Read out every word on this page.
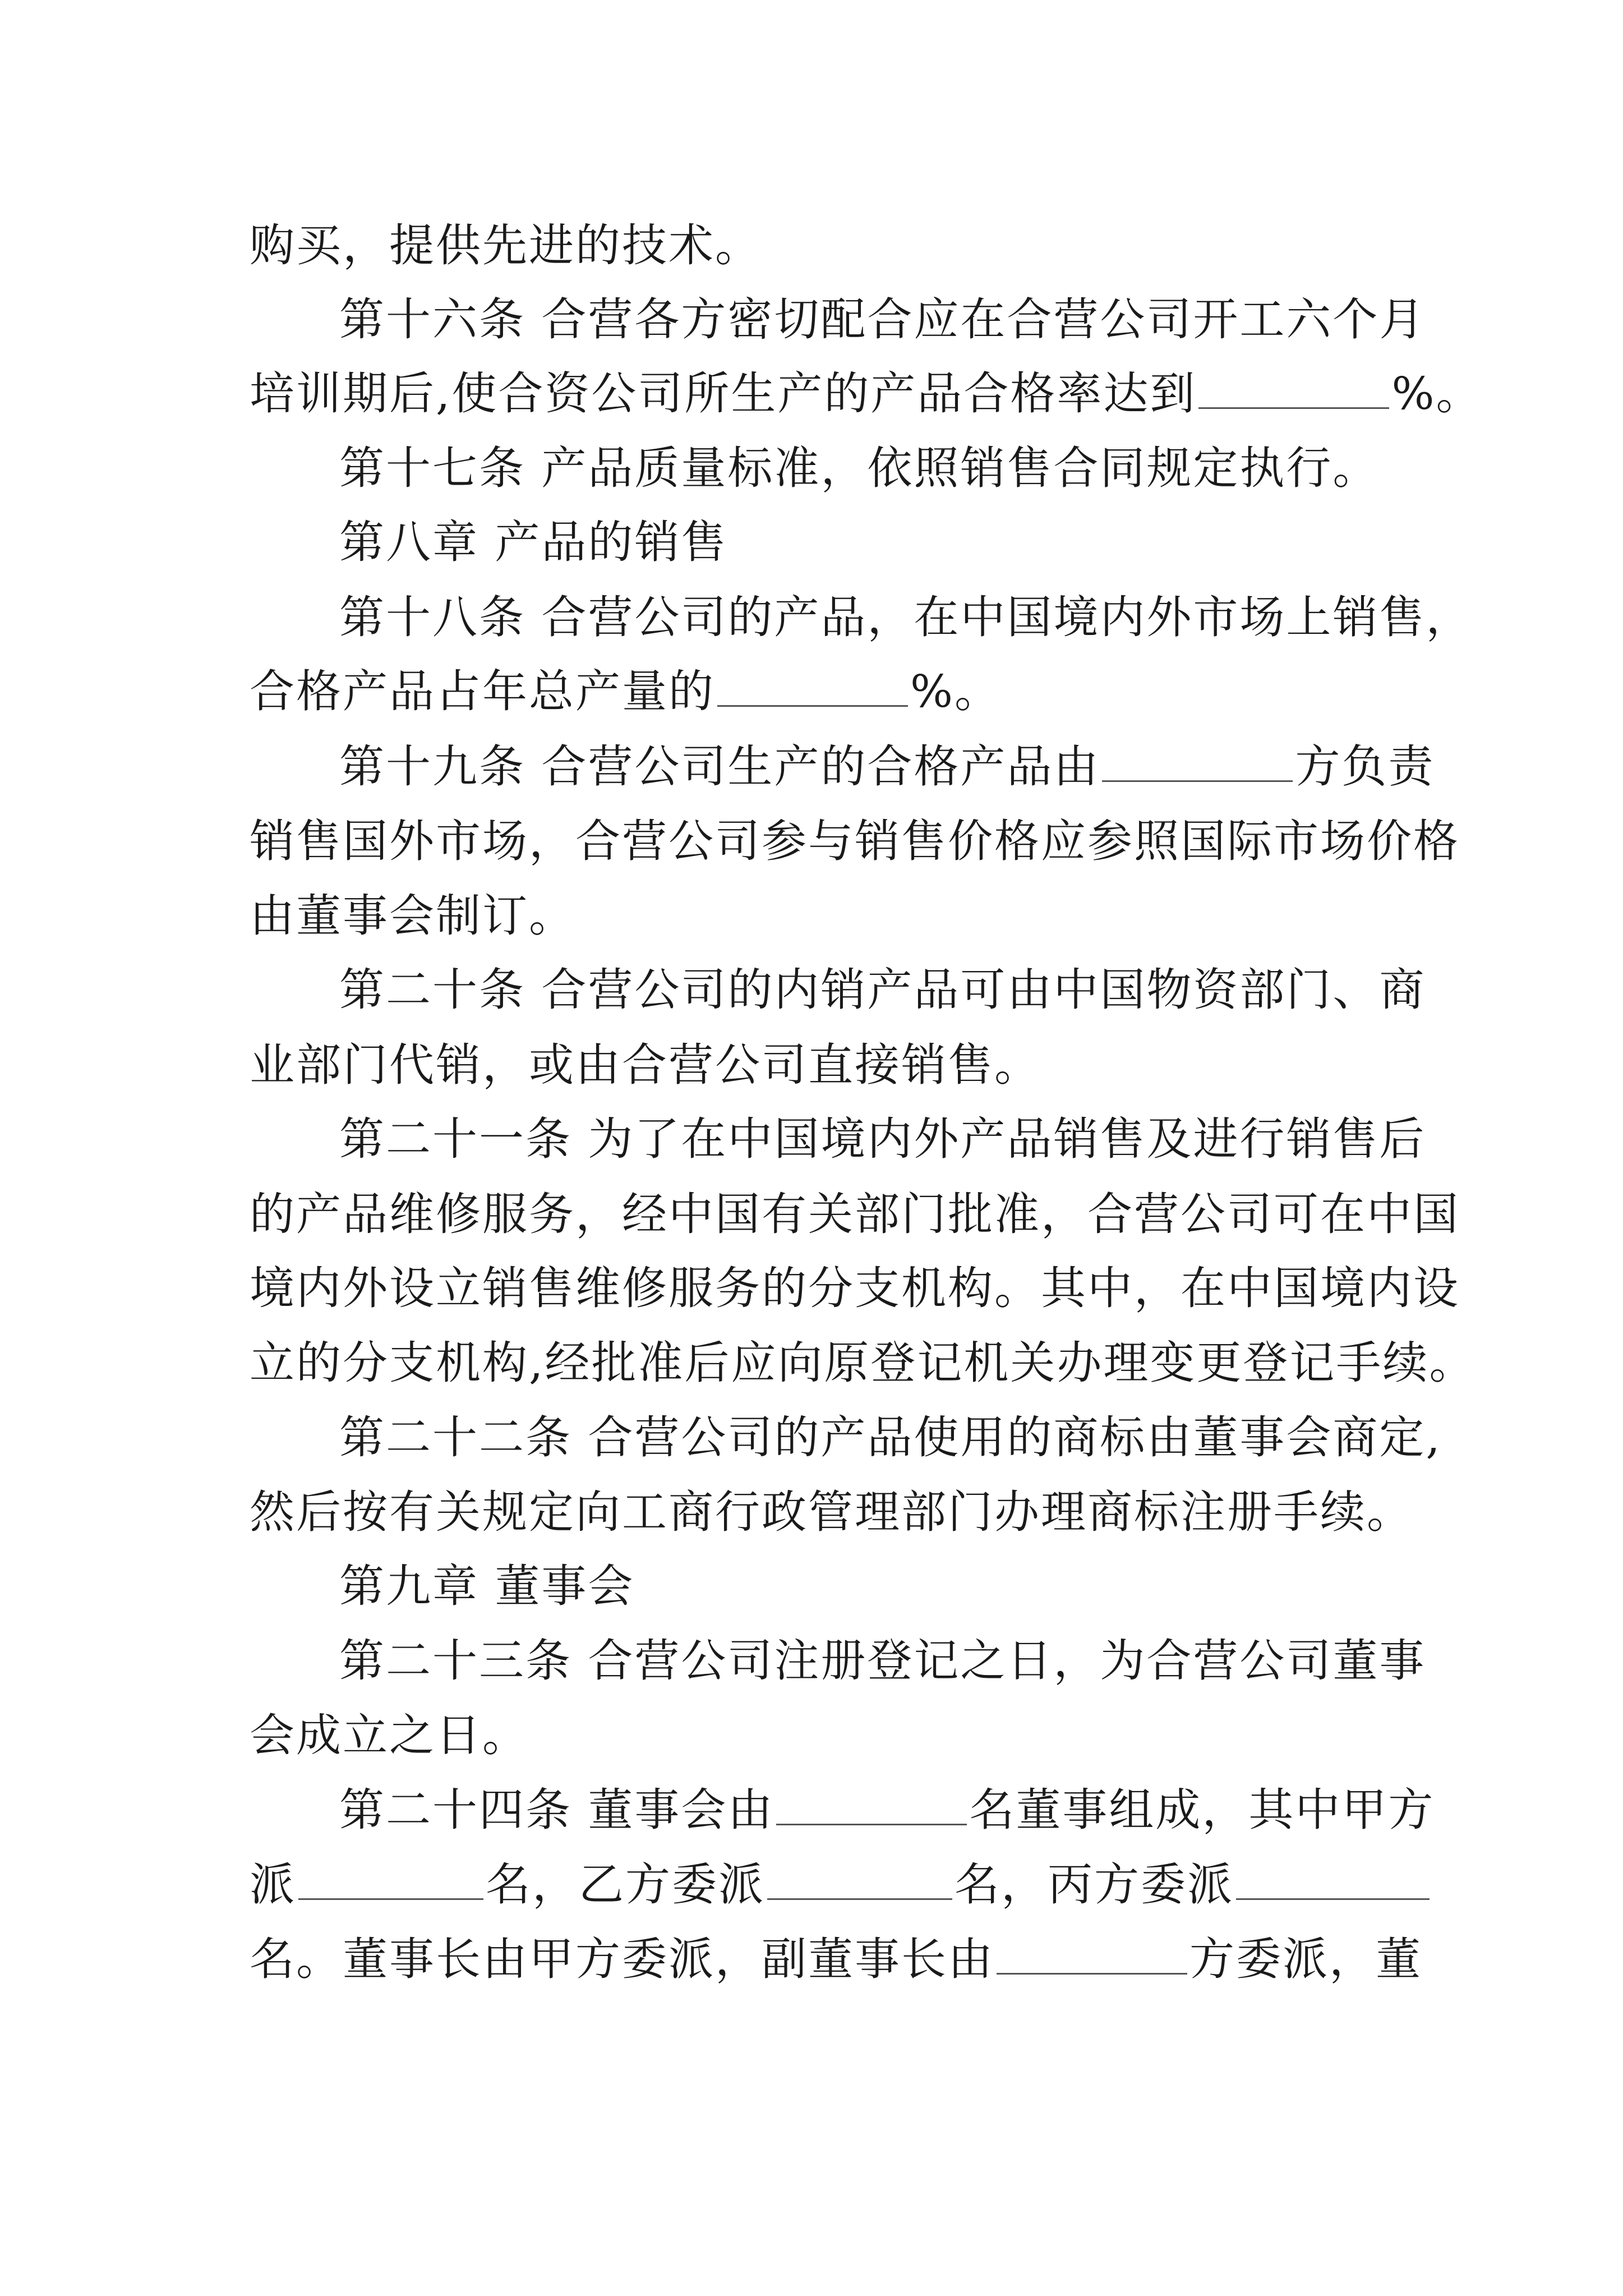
购买，提供先进的技术。
第十六条 合营各方密切配合应在合营公司开工六个月
培训期后,使合资公司所生产的产品合格率达到	%。
第十七条 产品质量标准，依照销售合同规定执行。
第八章 产品的销售
第十八条 合营公司的产品，在中国境内外市场上销售，
合格产品占年总产量的	%。
第十九条 合营公司生产的合格产品由	方负责
销售国外市场，合营公司参与销售价格应参照国际市场价格
由董事会制订。
第二十条 合营公司的内销产品可由中国物资部门、商
业部门代销，或由合营公司直接销售。
第二十一条 为了在中国境内外产品销售及进行销售后
的产品维修服务，经中国有关部门批准，合营公司可在中国
境内外设立销售维修服务的分支机构。其中，在中国境内设
立的分支机构,经批准后应向原登记机关办理变更登记手续。
第二十二条 合营公司的产品使用的商标由董事会商定,
然后按有关规定向工商行政管理部门办理商标注册手续。
第九章 董事会
第二十三条 合营公司注册登记之日，为合营公司董事
会成立之日。
第二十四条 董事会由	名董事组成，其中甲方
派	名，乙方委派	名，丙方委派
名。董事长由甲方委派，副董事长由	方委派，董
